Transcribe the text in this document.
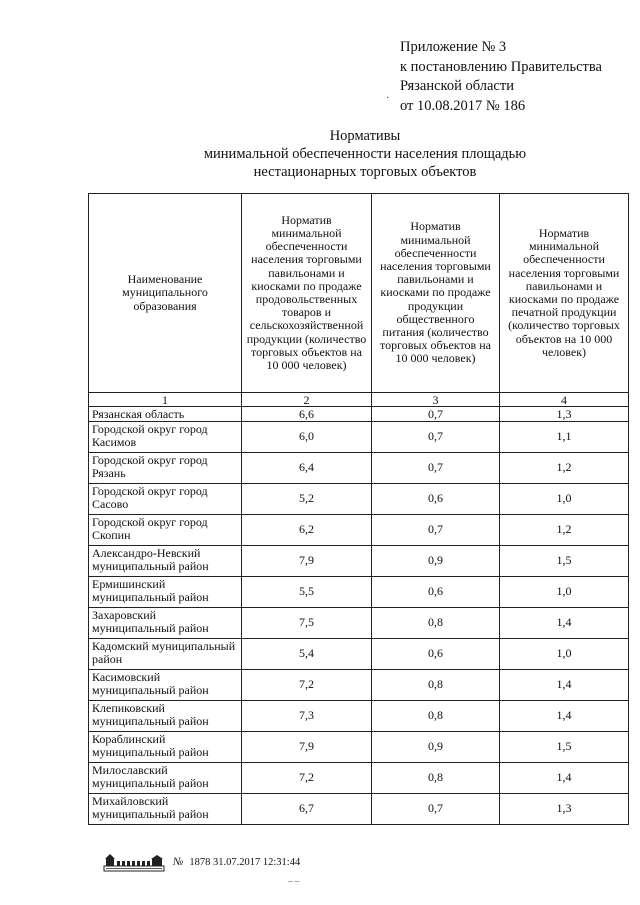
Приложение № 3
к постановлению Правительства
Рязанской области
от 10.08.2017 № 186
·
Нормативы
минимальной обеспеченности населения площадью
нестационарных торговых объектов
Наименование муниципального образования	Норматив минимальной обеспеченности населения торговыми павильонами и киосками по продаже продовольственных товаров и сельскохозяйственной продукции (количество торговых объектов на 10 000 человек)	Норматив минимальной обеспеченности населения торговыми павильонами и киосками по продаже продукции общественного питания (количество торговых объектов на 10 000 человек)	Норматив минимальной обеспеченности населения торговыми павильонами и киосками по продаже печатной продукции (количество торговых объектов на 10 000 человек)
1	2	3	4
Рязанская область	6,6	0,7	1,3
Городской округ город Касимов	6,0	0,7	1,1
Городской округ город Рязань	6,4	0,7	1,2
Городской округ город Сасово	5,2	0,6	1,0
Городской округ город Скопин	6,2	0,7	1,2
Александро-Невский муниципальный район	7,9	0,9	1,5
Ермишинский муниципальный район	5,5	0,6	1,0
Захаровский муниципальный район	7,5	0,8	1,4
Кадомский муниципальный район	5,4	0,6	1,0
Касимовский муниципальный район	7,2	0,8	1,4
Клепиковский муниципальный район	7,3	0,8	1,4
Кораблинский муниципальный район	7,9	0,9	1,5
Милославский муниципальный район	7,2	0,8	1,4
Михайловский муниципальный район	6,7	0,7	1,3
№ 1878 31.07.2017 12:31:44
– –
